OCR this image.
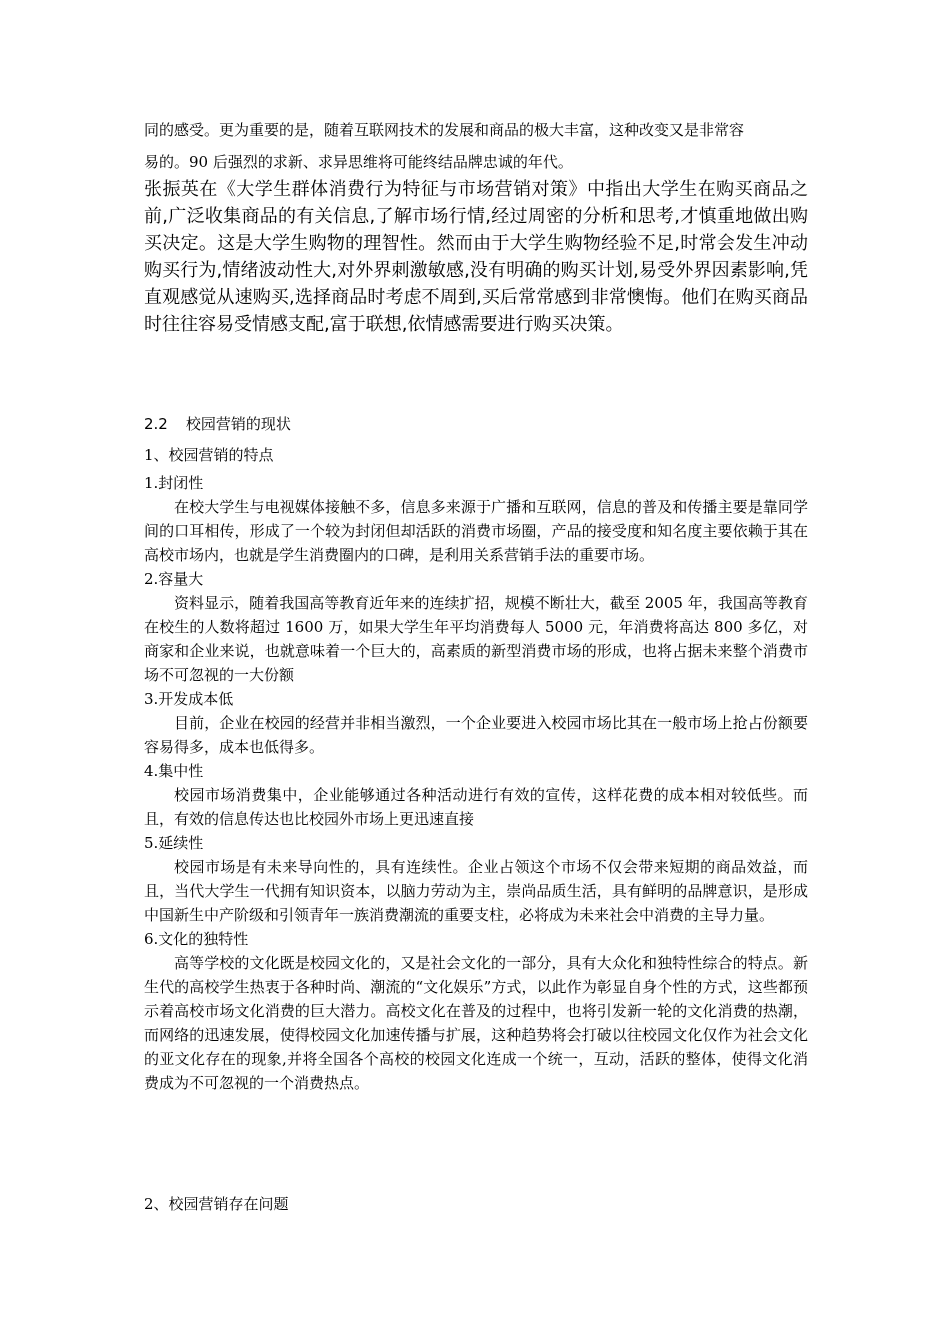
同的感受。更为重要的是，随着互联网技术的发展和商品的极大丰富，这种改变又是非常容

易的。90 后强烈的求新、求异思维将可能终结品牌忠诚的年代。

张振英在《大学生群体消费行为特征与市场营销对策》中指出大学生在购买商品之前,广泛收集商品的有关信息,了解市场行情,经过周密的分析和思考,才慎重地做出购买决定。这是大学生购物的理智性。然而由于大学生购物经验不足,时常会发生冲动购买行为,情绪波动性大,对外界刺激敏感,没有明确的购买计划,易受外界因素影响,凭直观感觉从速购买,选择商品时考虑不周到,买后常常感到非常懊悔。他们在购买商品时往往容易受情感支配,富于联想,依情感需要进行购买决策。

2.2 校园营销的现状

1、校园营销的特点

1.封闭性

在校大学生与电视媒体接触不多，信息多来源于广播和互联网，信息的普及和传播主要是靠同学间的口耳相传，形成了一个较为封闭但却活跃的消费市场圈，产品的接受度和知名度主要依赖于其在高校市场内，也就是学生消费圈内的口碑，是利用关系营销手法的重要市场。

2.容量大

资料显示，随着我国高等教育近年来的连续扩招，规模不断壮大，截至 2005 年，我国高等教育在校生的人数将超过 1600 万，如果大学生年平均消费每人 5000 元，年消费将高达 800 多亿，对商家和企业来说，也就意味着一个巨大的，高素质的新型消费市场的形成，也将占据未来整个消费市场不可忽视的一大份额

3.开发成本低

目前，企业在校园的经营并非相当激烈，一个企业要进入校园市场比其在一般市场上抢占份额要容易得多，成本也低得多。

4.集中性

校园市场消费集中，企业能够通过各种活动进行有效的宣传，这样花费的成本相对较低些。而且，有效的信息传达也比校园外市场上更迅速直接

5.延续性

校园市场是有未来导向性的，具有连续性。企业占领这个市场不仅会带来短期的商品效益，而且，当代大学生一代拥有知识资本，以脑力劳动为主，崇尚品质生活，具有鲜明的品牌意识，是形成中国新生中产阶级和引领青年一族消费潮流的重要支柱，必将成为未来社会中消费的主导力量。

6.文化的独特性

高等学校的文化既是校园文化的，又是社会文化的一部分，具有大众化和独特性综合的特点。新生代的高校学生热衷于各种时尚、潮流的“文化娱乐”方式，以此作为彰显自身个性的方式，这些都预示着高校市场文化消费的巨大潜力。高校文化在普及的过程中，也将引发新一轮的文化消费的热潮，而网络的迅速发展，使得校园文化加速传播与扩展，这种趋势将会打破以往校园文化仅作为社会文化的亚文化存在的现象,并将全国各个高校的校园文化连成一个统一，互动，活跃的整体，使得文化消费成为不可忽视的一个消费热点。

2、校园营销存在问题
